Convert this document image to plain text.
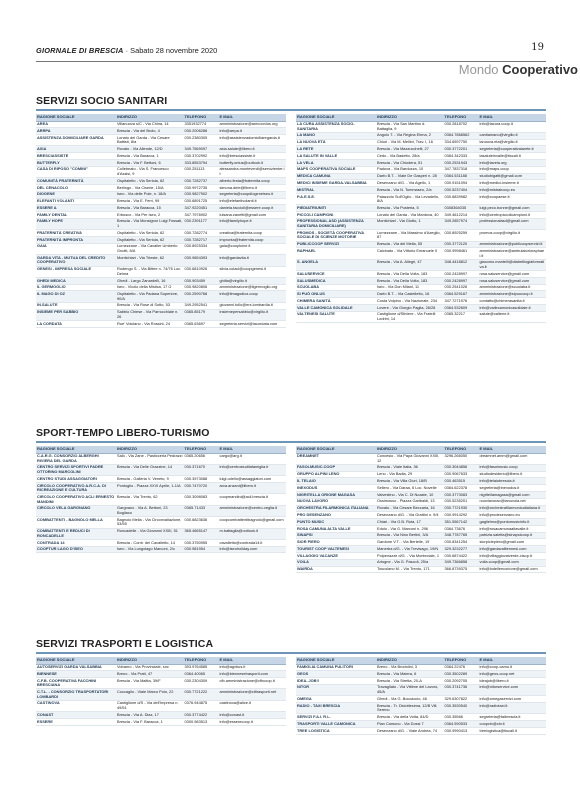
GIORNALE DI BRESCIA · Sabato 28 novembre 2020	19
Mondo Cooperativo
SERVIZI SOCIO SANITARI
RAGIONE SOCIALE	INDIRIZZO	TELEFONO	E MAIL
AREA	Villanuova s/C - Via China, 14	3351932774	amministrazione@arecoonlus.org
ARRPA	Brescia - Via del Brolo, 4	030.2006288	info@arrpa.it
ASSISTENZA DOMICILIARE GARDA	Lonato del Garda - Via Cesare Battisti, 8/a	030.2380305	info@assistenzadomiciliaregarda.it
AXIA	Rovato - Via Allende, 12/D	349.7569097	axia.salute@libero.it
BRESCIASSISTE	Brescia - Via Baracca, 1	030.3702992	info@bresciassiste.it
BUTTERFLY	Brescia - Via F. Bettoni, 6	333.8553794	butterfly.onlus@outlook.it
CASA DI RIPOSO "COMINI"	Collebeato - Via S. Francesco d'Assisi, 9	030.251113	alessandra.monteverdi@servizienter.it
COMUNITÀ FRATERNITÀ	Ospitaletto - Via Seriola, 62	030.7282737	alberto.festa@fraternita.coop
DEL CENACOLO	Berlingo - Via Ciserle, 15/A	030.9972735	simona.dele@libero.it
DIOGENE	Iseo - Via delle Pole, n. 18/A	030.9827902	segreteria@coopdiogeneiseo.it
ELEFANTI VOLANTI	Brescia - Via E. Ferri, 99	030.6891725	info@elefantivolanti.it
ESSERE A	Brescia - Via Baracca, 15	347.9220451	daniela.faccioli@essere.coop.it
FAMILY DENTAL	Erbusco - Via Per Iseo, 2	347.7976902	luisana.zanetti@gmail.com
FAMILY HOPE	Brescia - Via Monsignor Luigi Fossati, 1	030.2391177	info@familyhope.it
FRATERNITÀ CREATIVA	Ospitaletto - Via Seriola, 62	030.7282774	creativa@fraternita.coop
FRATERNITÀ IMPRONTA	Ospitaletto - Via Seriola, 62	030.7282717	impronta@fraternita.coop
GAIA	Lumezzane - Via Cavalier Umberto Gnutti, 8/A	030.8925334	gaia@coopluine.it
GARDA VITA - MUTUA DEL CREDITO COOPERATIVO	Montichiari - Via Trieste, 62	030.9654393	info@gardavita.it
GENESI - IMPRESA SOCIALE	Rodengo S. - Via Bittee n. 74/76 Loc. Delma	030.6810926	silvia.colaci@coopgenesi.it
GHEDI MEDICA	Ghedi - Largo Zanardelli, 16	030.903459	ghitla@virgilio.it
IL GERMOGLIO	Iseo - Vicolo della Mistica, 17 G	030.9820806	amministrazione@ilgermoglio.org
IL MAGO DI OZ	Ospitaletto - Via Padana Superiore, 90/A	030.2590768	info@ilmagodioz.coop
IN.SALUTE	Brescia - Via Rose di Sotto, 53	349.2952541	giovanni.tollo@ers.lombardia.it
INSIEME PER SABBIO	Sabbio Chiese - Via Parrocchiale n. 26	0365.85179	insiemepersabbio@virgilio.it
LA CORDATA	Roe' Volciano - Via Rossini, 24	0365.63697	segreteria.servizi@lacordata.com
RAGIONE SOCIALE	INDIRIZZO	TELEFONO	E MAIL
LA CURA ASSISTENZA SOCIO-SANITARIA	Brescia - Via San Martino d. Battaglia, 9	030.2818702	info@lacura.coop.it
LA MANO	Angolo T. - Via Regina Elena, 2	0364.7866562	cantiamano@virgilio.it
LA NUOVA ETÀ	Chiuri - Via M. Mellini, Trav. I, 16	334.6597750	lanuova.eta@virgilio.it
LA RETE	Brescia - Via Mazzucchelli, 27	030.3772201	segreteria@cooperativalarete.it
LA SALUTE IN VALLE	Cedo - Via Badetto, 28/a	0364.342333	lasaluteinvalle@tiscali.it
LA VELA	Brescia - Via Chiodera, 51	030.2531943	info@lavela.org
MAPS COOPERATIVA SOCIALE	Padova - Via Bardozza, 10	347.7837318	info@maps.coop
MEDICA CAMUNA	Darfo B.T. - Viale De Gasperi n. 28	0364.531188	studiobigatti@gmail.com
MEDICI INSIEME GARDA-VALSABBIA	Desenzano d/G. - Via Agello, 1	030.9151094	info@medici-insieme.it
MISTRAL	Brescia - Via N. Tommaseo, 2/a	030.5237404	info@mistralcoop.eu
P.A.E.S.E.	Palazzolo Sull'Oglio - Via Levadello, 8/A	030.6839982	info@coopaese.it
PIEDIATRIUNITI	Brescia - Via Pusterla, 5	0308364035	luigi.peco.bonne@gmail.com
PICCOLI CAMPIONI	Lonato del Garda - Via Mantova, 40	349.4612214	info@centropiccolicampioni.it
PROFESSIONAL ASD (ASSISTENZA SANITARIA DOMICILIARE)	Montichiari - Via Giotto, 1	349.2857974	professionalasd@gmail.com
PROMOS - SOCIETÀ COOPERATIVA SOCIALE DI SCIENZE MOTORIE	Lumezzane - Via Massimo d'Azeglio, 87	030.8925259	promos.coop@virgilio.it
PUBLICCOOP SERVIZI	Brescia - Via del Mella, 55	030.3772120	amministrazione@publicoopservizi.it
RAPHAEL	Calcinato - Via Vittorio Emanuele II	030.9998461	amministrazione@ambulatorioraphael.it
S. ANGELA	Brescia - Via A. Allegri, 47	348.4418812	giacomo.mantelli@diabetilogiaformativa.it
SALUSERVICE	Brescia - Via Della Volta, 183	030.2428997	rosa.saluservice@gmail.com
SALUSMEDICA	Brescia - Via Della Volta, 183	030.2428997	rosa.saluservice@gmail.com
SCUOLABA	Iseo - Via Don Milani, 11	030.2541026	amministrazione@scuolaba.it
SI PUÒ ONLUS	Darfo B.T. - Via Castelletto, 16	0364.529167	amministrazione@sipuocoop.it
CHIMERA SANITÀ	Costa Volpino - Via Nazionale, 234	347.7271976	contatto@chimerasanita.it
VALLE CAMONICA SOLIDALE	Lovere - Via Giorgio Paglia, 26/28	0364.532609	info@vallecamonicasolidale.it
VALTENESI SALUTE	Castiglione d/Stiviere - Via Fratelli Lodrini, 14	0365.32217	salute@valtene.it
SPORT-TEMPO LIBERO-TURISMO
RAGIONE SOCIALE	INDIRIZZO	TELEFONO	E MAIL
C.A.R.G. CONSORZIO ALBERGHI RIVIERA DEL GARDA	Salò - Via Zane - Pasticceria Pedrazzi	0365.20656	cargo@arg.it
CENTRO SERVIZI SPORTIVI PADRE OTTORINO MARCOLINI	Brescia - Via Delle Grazzine, 14	030.371670	info@centrostudilafamiglia.it
CENTRO STUDI ASSAGGIATORI	Brescia - Galleria V. Veneto, 9	030.3973088	luigi.odello@assaggiatori.com
CIRCOLO COOPERATIVO A.R.C.A. DI RICREAZIONE E CULTURA	Pontoglio - Piazza XXVI Aprile, 1-1/A	030.7470720	arca.anzani@libero.it
CIRCOLO COOPERATIVO ACLI ERNESTO MANDINI	Brescia - Via Trento, 62	030.3098083	coopmandini@acli.brescia.it
CIRCOLO VELA GARGNANO	Gargnano - Via A. Bettoni, 23 Bogliaco	0365.71433	amministrazione@centro-veglia.it
COMBATTENTI - BAGNOLO MELLA	Bagnolo Mella - Via Circonvallazione, 53/55	030.6823636	coopcombattentibagnolo@gmail.com
COMBATTENTI E REDUCI DI RONCADELLE	Roncadelle - Via Giovanni XXIII, 51	365.4665147	m.battaglia@outlook.it
CONTRADA 14	Brescia - Contr. del Cavalletto, 14	030.3750955	cavalletto@contrada14.it
COOPTUR LAGO D'ISEO	Iseo - Via Lungolago Marconi, 2/c	030.981954	info@iseoholiday.com
RAGIONE SOCIALE	INDIRIZZO	TELEFONO	E MAIL
DREAMNET	Concesio - Via Papa Giovanni XXIII, 12	3296.266050	dreamnet.amm@gmail.com
FASOLMUSIC.COOP	Brescia - Viale Italia, 36	030.3044856	info@fasolmusic.coop
GRUPPO ALPINI LENO	Leno - Via Badia, 29	030.9067633	studiodesiderio@libero.it
IL TELAIO	Brescia - Via Villa Glori, 18/B	030.463515	info@telaiobrescia.it
INEXODUS	Sellero - Via Daraa, 6 Loc. Novelle	0364.622378	segreteria@inexodus.it
NIGRITELLA ORIONE MAGASA	Valvestino - Via C. Di Noaste, 10	030.3773083	nigritellamagasa@gmail.com
NUOVA LAVORO	Ossimosso - Piazza Garibaldi, 13	030.5235201	nuovlavorao@lanuvola.net
ORCHESTRA FILARMONICA ITALIANA	Rovato - Via Cesare Beccaria, 16	030.7721930	info@orchestrafilarmonicaitaliana.it
PRO DESENZANO	Desenzano d/G. - Via Grattini n. 9/4	030.9914292	info@prodesenzano.eu
PUNTO MUSIC	Chiari - Via G.B. Rota, 17	351.5567142	gaglielmo@puntomusicinfo.it
ROSA CAMUNA ALTA VALLE	Edolo - Via G. Marconi n. 296	0364.73676	info@rosacamunaaltavalle.it
SINAPSI	Brescia - Via Nino Bertini, 3/A	348.7787765	patrizia.saletta@sinapsicoop.it
SIOR PIERO	Gardone V.T. - Via Bertelle, 19	030.8341254	siorpiciepiero@gmail.com
TOURIST COOP VALTENESI	Manerba d/G. - Via Trevisago, 19/N	329.3232277	info@gardavalltennesi.com
VILLAGGIO VACANZE	Polpenazze d/G. - Via Monteciale, 1	030.6874422	info@villaggiovalverde-cisop.it
VOILA	Artogne - Via G. Pascoli, 25/a	349.7366858	voila.coop@gmail.com
WAIRDA	Toscolano M. - Via Trento, 171	366.8739375	info@lodelleecorione@gmail.com
SERVIZI TRASPORTI E LOGISTICA
RAGIONE SOCIALE	INDIRIZZO	TELEFONO	E MAIL
AUTOSERVIZI GARDA VALSABBIA	Vobarno - Via Provinciale, snc	393.9764585	info@agvbus.it
BIENNESE	Breno - Via Pratt, 47	0364.40065	info@biennesetrasporti.com
C.F.B. COOPERATIVA FACCHINI BRESCIANA	Brescia - Via Maltta, 39/F	030.2304309	cfb.amministrazione@cfbcoop.it
C.T.L. - CONSORZIO TRASPORTATORI LOMBARDI	Coccaglio - Viale Marco Polo, 22	030.7721222	amministrazione@ctltrasporti.net
CASTINOVA	Castiglione d/S - Via dell'Impresa n. 49/51	0376.944875	castinova@alice.it
CONAST	Brescia - Via A. Diaz, 17	030.3774422	info@conast.it
ESSERE	Brescia - Via F. Baracca, 1	0300.983513	info@esserecoop.it
RAGIONE SOCIALE	INDIRIZZO	TELEFONO	E MAIL
FAMIGLIA CAMUNA PULITORI	Breno - Via Brodolini, 3	0364.22476	info@coop-camu.it
GEOS	Brescia - Via Maiera, 6	030.3502289	info@geos-coop.net
IDEA..JOB!!	Brescia - Via Stretta, 20-A	030.2092705	ideajob@libero.it
NITOR	Travagliato - Via Vittime del Lavoro, 45/A	030.3741736	info@nitorservice.com
OMEGA	Ghedi - Via G. Boccaccio, 46	329.6307822	info@omegaservizi.com
RADIO - TAXI BRESCIA	Brescia - Tr. Diciottesima, 12/B Vill. Sereno	030.3530540	info@radiotaxi.it
SERVIZI F.A.I. R.L.	Brescia - Via della Volta, 84/D	030.35566	segreteria@faibrescia.it
TRASPORTI VALLE CAMONICA	Pian Camuno - Via Dossi 7	0364.590533	coopctv@ctv.it
TREE LOGISTICA	Desenzano d/G. - Viale Andrea, 74	030.9990413	treelogistica@tiscali.it
